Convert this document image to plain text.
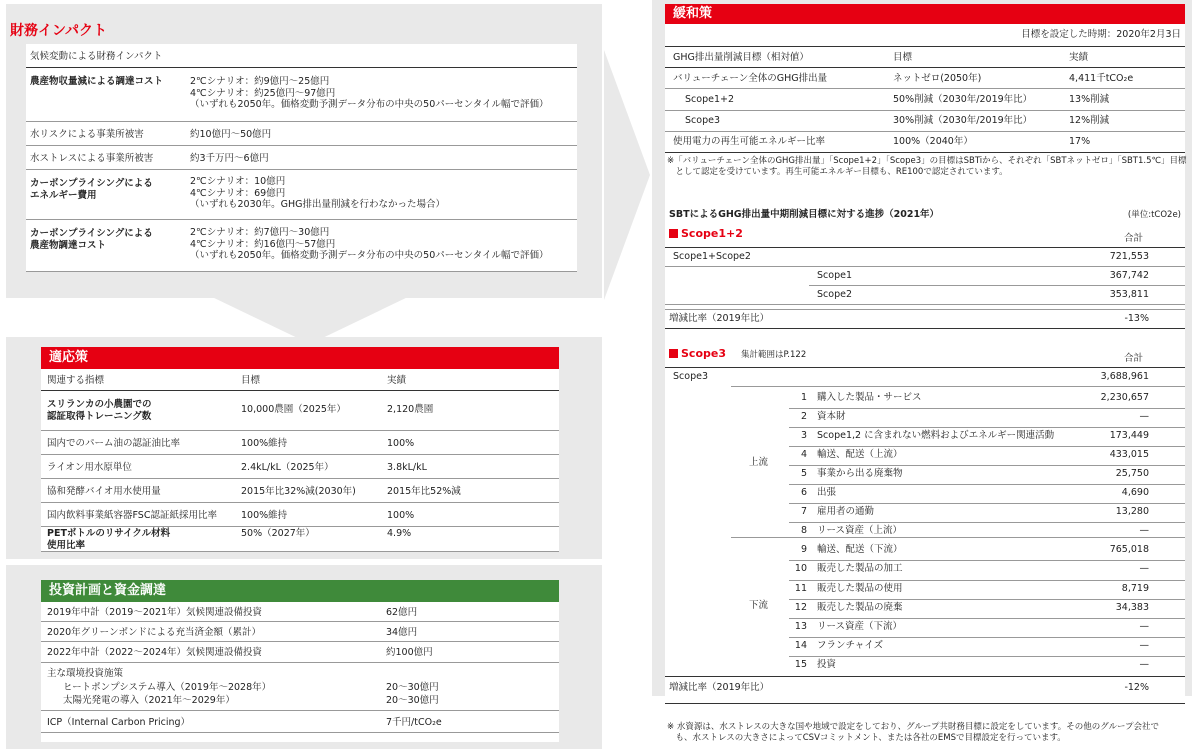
財務インパクト
気候変動による財務インパクト
農産物収量減による調達コスト	2℃シナリオ：約9億円～25億円
4℃シナリオ：約25億円～97億円
（いずれも2050年。価格変動予測データ分布の中央の50パーセンタイル幅で評価）
水リスクによる事業所被害	約10億円～50億円
水ストレスによる事業所被害	約3千万円～6億円
カーボンプライシングによる
エネルギー費用
2℃シナリオ：10億円
4℃シナリオ：69億円
（いずれも2030年。GHG排出量削減を行わなかった場合）
カーボンプライシングによる
農産物調達コスト
2℃シナリオ：約7億円～30億円
4℃シナリオ：約16億円～57億円
（いずれも2050年。価格変動予測データ分布の中央の50パーセンタイル幅で評価）
適応策
関連する指標	目標	実績
スリランカの小農園での
認証取得トレーニング数
10,000農園（2025年）	2,120農園
国内でのパーム油の認証油比率	100%維持	100%
ライオン用水原単位	2.4kL/kL（2025年）	3.8kL/kL
協和発酵バイオ用水使用量	2015年比32%減(2030年)	2015年比52%減
国内飲料事業紙容器FSC認証紙採用比率	100%維持	100%
PETボトルのリサイクル材料
使用比率
50%（2027年）	4.9%
投資計画と資金調達
2019年中計（2019～2021年）気候関連設備投資	62億円
2020年グリーンボンドによる充当済金額（累計）	34億円
2022年中計（2022～2024年）気候関連設備投資	約100億円
主な環境投資施策
ヒートポンプシステム導入（2019年～2028年）	20～30億円
太陽光発電の導入（2021年～2029年）	20～30億円
ICP（Internal Carbon Pricing）	7千円/tCO₂e
緩和策
目標を設定した時期：2020年2月3日
GHG排出量削減目標（相対値）	目標	実績
バリューチェーン全体のGHG排出量	ネットゼロ(2050年)	4,411千tCO₂e
Scope1+2	50%削減（2030年/2019年比）	13%削減
Scope3	30%削減（2030年/2019年比）	12%削減
使用電力の再生可能エネルギー比率	100%（2040年）	17%
※「バリューチェーン全体のGHG排出量」「Scope1+2」「Scope3」の目標はSBTiから、それぞれ「SBTネットゼロ」「SBT1.5℃」目標
　として認定を受けています。再生可能エネルギー目標も、RE100で認定されています。
SBTによるGHG排出量中期削減目標に対する進捗（2021年）	(単位:tCO2e)
Scope1+2	合計
Scope1+Scope2	721,553
Scope1	367,742
Scope2	353,811
増減比率（2019年比）	-13%
Scope3 集計範囲はP.122	合計
Scope3	3,688,961
上流
下流
1 購入した製品・サービス	2,230,657
2 資本財	—
3 Scope1,2 に含まれない燃料およびエネルギー関連活動	173,449
4 輸送、配送（上流）	433,015
5 事業から出る廃棄物	25,750
6 出張	4,690
7 雇用者の通勤	13,280
8 リース資産（上流）	—
9 輸送、配送（下流）	765,018
10 販売した製品の加工	—
11 販売した製品の使用	8,719
12 販売した製品の廃棄	34,383
13 リース資産（下流）	—
14 フランチャイズ	—
15 投資	—
増減比率（2019年比）	-12%
※ 水資源は、水ストレスの大きな国や地域で設定をしており、グループ共財務目標に設定をしています。その他のグループ会社で
　も、水ストレスの大きさによってCSVコミットメント、または各社のEMSで目標設定を行っています。
